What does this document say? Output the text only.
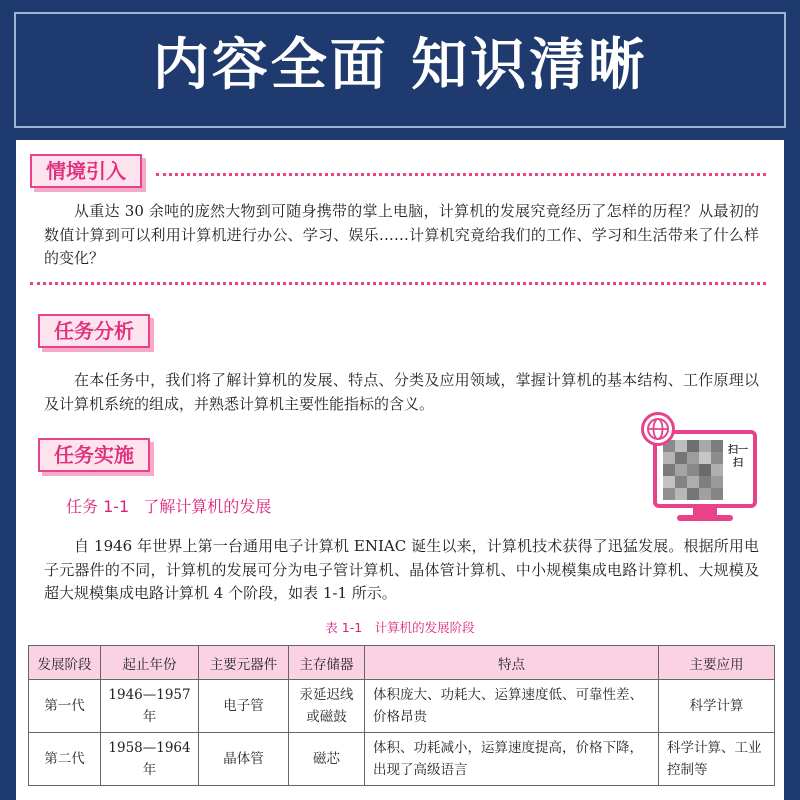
内容全面 知识清晰
情境引入
从重达 30 余吨的庞然大物到可随身携带的掌上电脑，计算机的发展究竟经历了怎样的历程？从最初的数值计算到可以利用计算机进行办公、学习、娱乐……计算机究竟给我们的工作、学习和生活带来了什么样的变化？
任务分析
在本任务中，我们将了解计算机的发展、特点、分类及应用领域，掌握计算机的基本结构、工作原理以及计算机系统的组成，并熟悉计算机主要性能指标的含义。
任务实施	扫一扫
任务 1-1 了解计算机的发展
自 1946 年世界上第一台通用电子计算机 ENIAC 诞生以来，计算机技术获得了迅猛发展。根据所用电子元器件的不同，计算机的发展可分为电子管计算机、晶体管计算机、中小规模集成电路计算机、大规模及超大规模集成电路计算机 4 个阶段，如表 1-1 所示。
表 1-1　计算机的发展阶段
发展阶段	起止年份	主要元器件	主存储器	特点	主要应用
第一代	1946—1957 年	电子管	汞延迟线或磁鼓	体积庞大、功耗大、运算速度低、可靠性差、价格昂贵	科学计算
第二代	1958—1964 年	晶体管	磁芯	体积、功耗减小，运算速度提高，价格下降，出现了高级语言	科学计算、工业控制等
